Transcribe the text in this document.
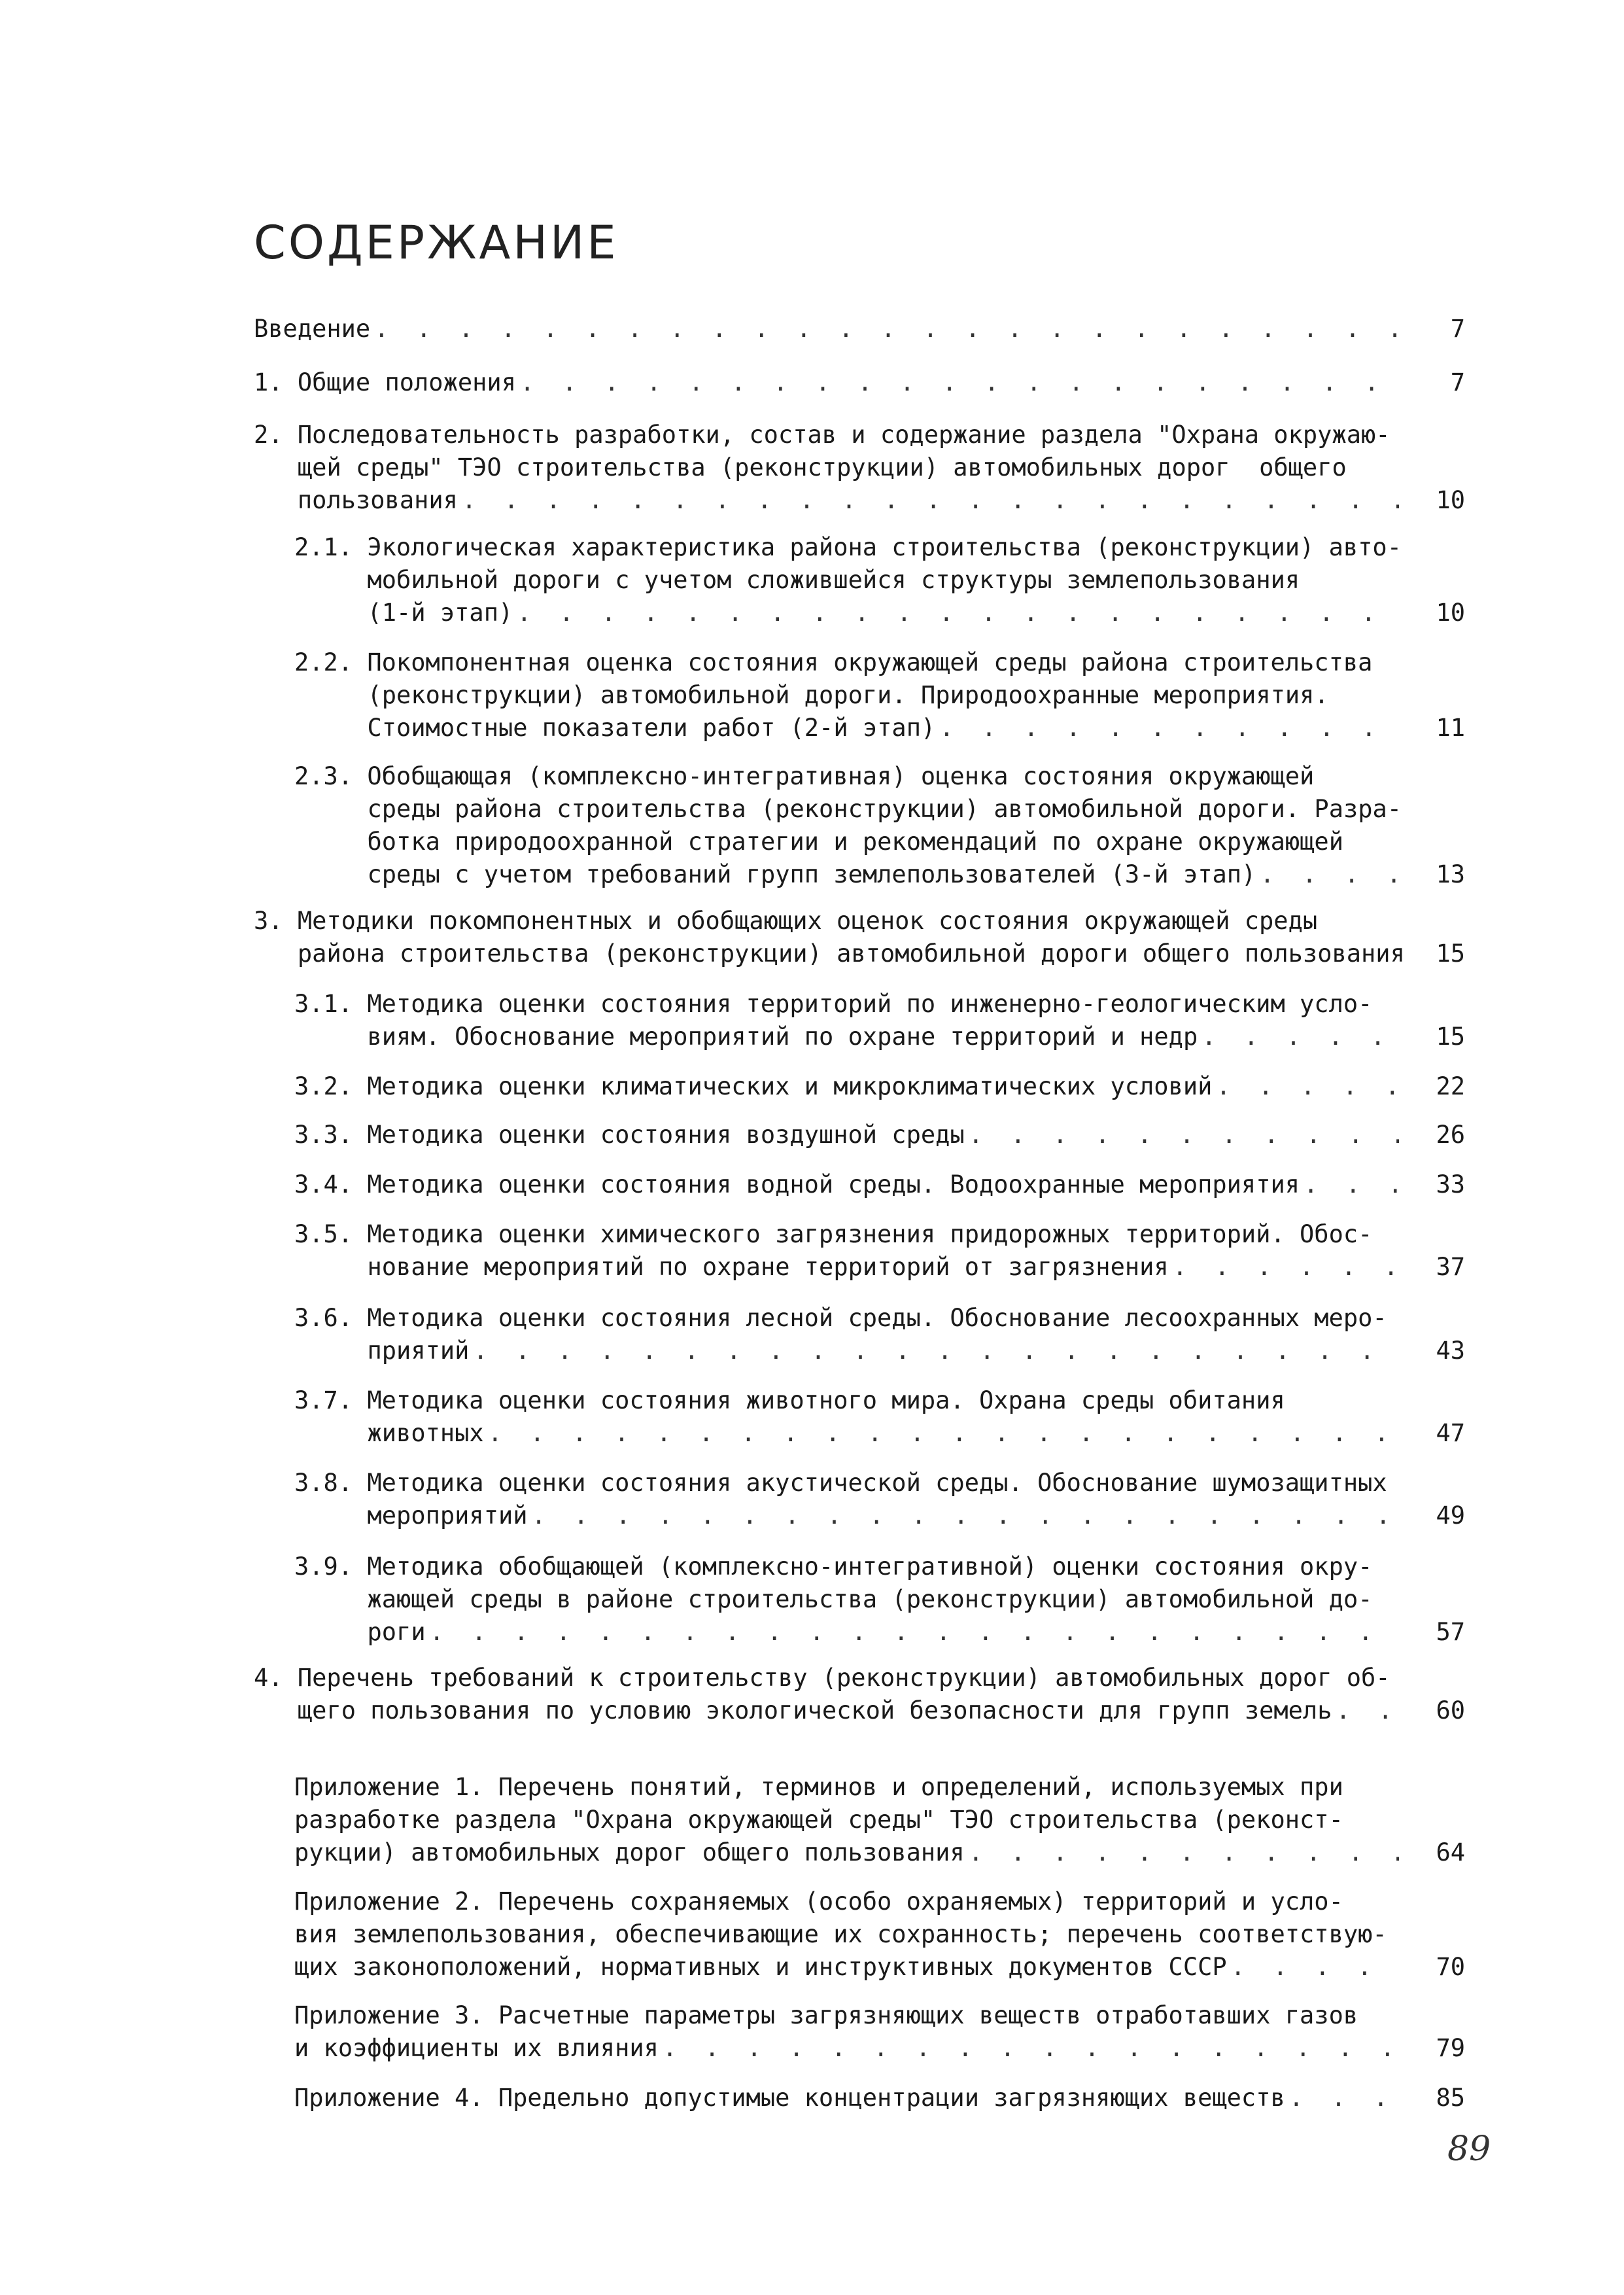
СОДЕРЖАНИЕ
Введение . . .	7
1. Общие положения . . .	7
2. Последовательность разработки, состав и содержание раздела "Охрана окружаю-
щей среды" ТЭО строительства (реконструкции) автомобильных дорог  общего
пользования . . .	10
2.1. Экологическая характеристика района строительства (реконструкции) авто-
мобильной дороги с учетом сложившейся структуры землепользования
(1-й этап) . . .	10
2.2. Покомпонентная оценка состояния окружающей среды района строительства
(реконструкции) автомобильной дороги. Природоохранные мероприятия.
Стоимостные показатели работ (2-й этап) . . .	11
2.3. Обобщающая (комплексно-интегративная) оценка состояния окружающей
среды района строительства (реконструкции) автомобильной дороги. Разра-
ботка природоохранной стратегии и рекомендаций по охране окружающей
среды с учетом требований групп землепользователей (3-й этап) . . .	13
3. Методики покомпонентных и обобщающих оценок состояния окружающей среды
района строительства (реконструкции) автомобильной дороги общего пользования	15
3.1. Методика оценки состояния территорий по инженерно-геологическим усло-
виям. Обоснование мероприятий по охране территорий и недр . . .	15
3.2. Методика оценки климатических и микроклиматических условий . . .	22
3.3. Методика оценки состояния воздушной среды . . .	26
3.4. Методика оценки состояния водной среды. Водоохранные мероприятия . . .	33
3.5. Методика оценки химического загрязнения придорожных территорий. Обос-
нование мероприятий по охране территорий от загрязнения . . .	37
3.6. Методика оценки состояния лесной среды. Обоснование лесоохранных меро-
приятий . . .	43
3.7. Методика оценки состояния животного мира. Охрана среды обитания
животных . . .	47
3.8. Методика оценки состояния акустической среды. Обоснование шумозащитных
мероприятий . . .	49
3.9. Методика обобщающей (комплексно-интегративной) оценки состояния окру-
жающей среды в районе строительства (реконструкции) автомобильной до-
роги . . .	57
4. Перечень требований к строительству (реконструкции) автомобильных дорог об-
щего пользования по условию экологической безопасности для групп земель . . .	60
Приложение 1. Перечень понятий, терминов и определений, используемых при
разработке раздела "Охрана окружающей среды" ТЭО строительства (реконст-
рукции) автомобильных дорог общего пользования . . .	64
Приложение 2. Перечень сохраняемых (особо охраняемых) территорий и усло-
вия землепользования, обеспечивающие их сохранность; перечень соответствую-
щих законоположений, нормативных и инструктивных документов СССР . . .	70
Приложение 3. Расчетные параметры загрязняющих веществ отработавших газов
и коэффициенты их влияния . . .	79
Приложение 4. Предельно допустимые концентрации загрязняющих веществ . . .	85
89
